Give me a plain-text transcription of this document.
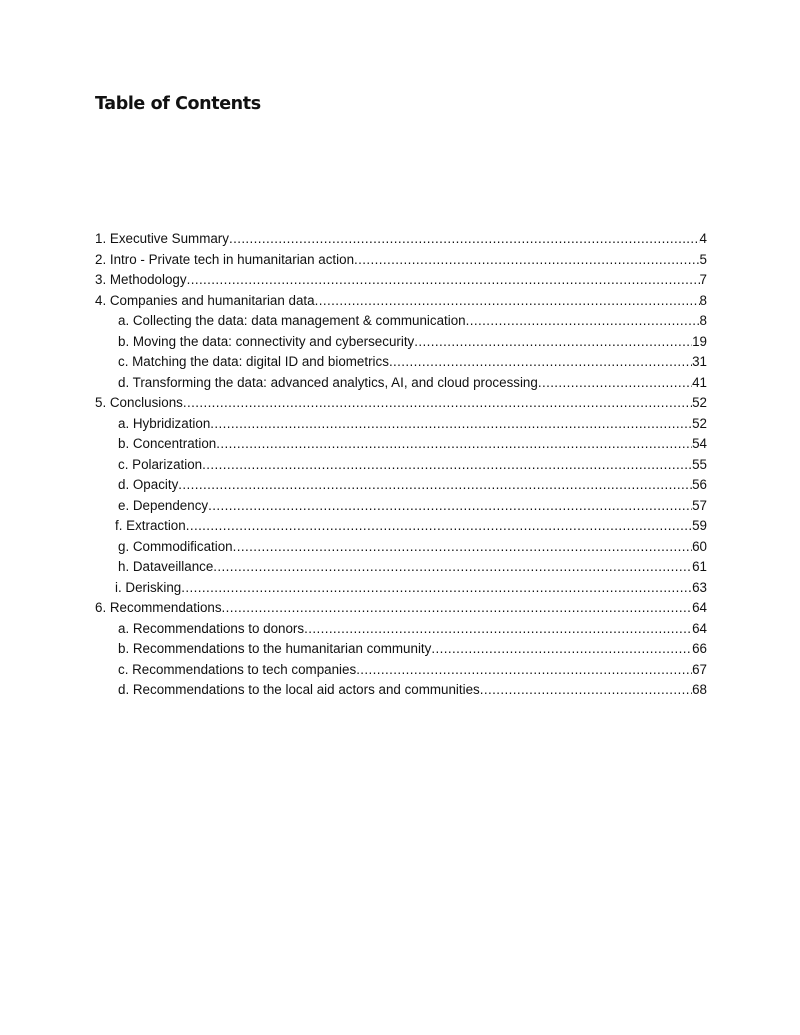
Table of Contents
1. Executive Summary .....	4
2. Intro - Private tech in humanitarian action .....	5
3. Methodology .....	7
4. Companies and humanitarian data .....	8
a. Collecting the data: data management & communication .....	8
b. Moving the data: connectivity and cybersecurity .....	19
c. Matching the data: digital ID and biometrics .....	31
d. Transforming the data: advanced analytics, AI, and cloud processing .....	41
5. Conclusions .....	52
a. Hybridization .....	52
b. Concentration .....	54
c. Polarization .....	55
d. Opacity .....	56
e. Dependency .....	57
f. Extraction .....	59
g. Commodification .....	60
h. Dataveillance .....	61
i. Derisking .....	63
6. Recommendations .....	64
a. Recommendations to donors .....	64
b. Recommendations to the humanitarian community .....	66
c. Recommendations to tech companies .....	67
d. Recommendations to the local aid actors and communities .....	68
